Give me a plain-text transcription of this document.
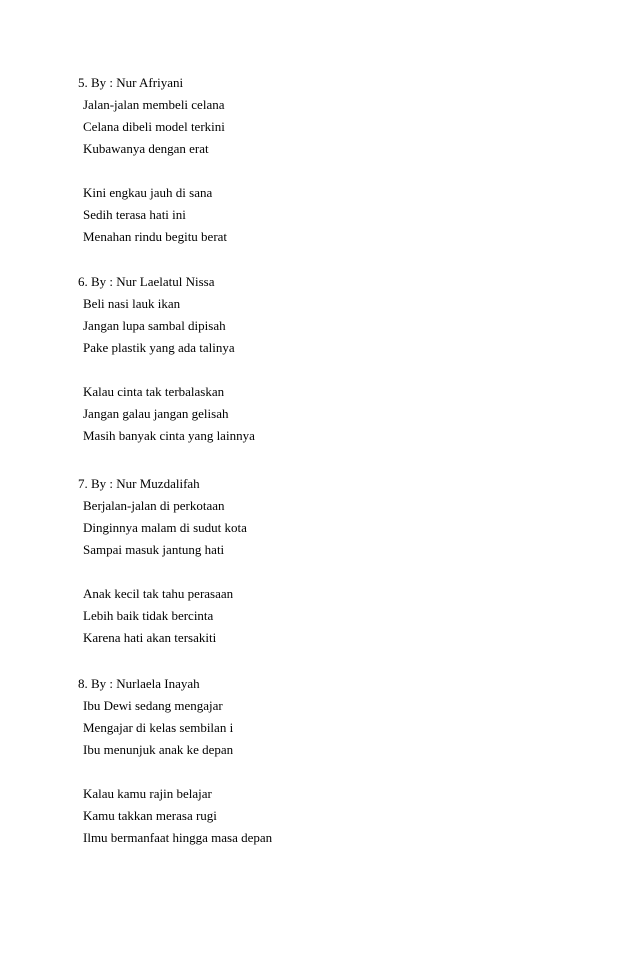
5. By : Nur Afriyani
Jalan-jalan membeli celana
Celana dibeli model terkini
Kubawanya dengan erat
Kini engkau jauh di sana
Sedih terasa hati ini
Menahan rindu begitu berat
6. By : Nur Laelatul Nissa
Beli nasi lauk ikan
Jangan lupa sambal dipisah
Pake plastik yang ada talinya
Kalau cinta tak terbalaskan
Jangan galau jangan gelisah
Masih banyak cinta yang lainnya
7. By : Nur Muzdalifah
Berjalan-jalan di perkotaan
Dinginnya malam di sudut kota
Sampai masuk jantung hati
Anak kecil tak tahu perasaan
Lebih baik tidak bercinta
Karena hati akan tersakiti
8. By : Nurlaela Inayah
Ibu Dewi sedang mengajar
Mengajar di kelas sembilan i
Ibu menunjuk anak ke depan
Kalau kamu rajin belajar
Kamu takkan merasa rugi
Ilmu bermanfaat hingga masa depan
